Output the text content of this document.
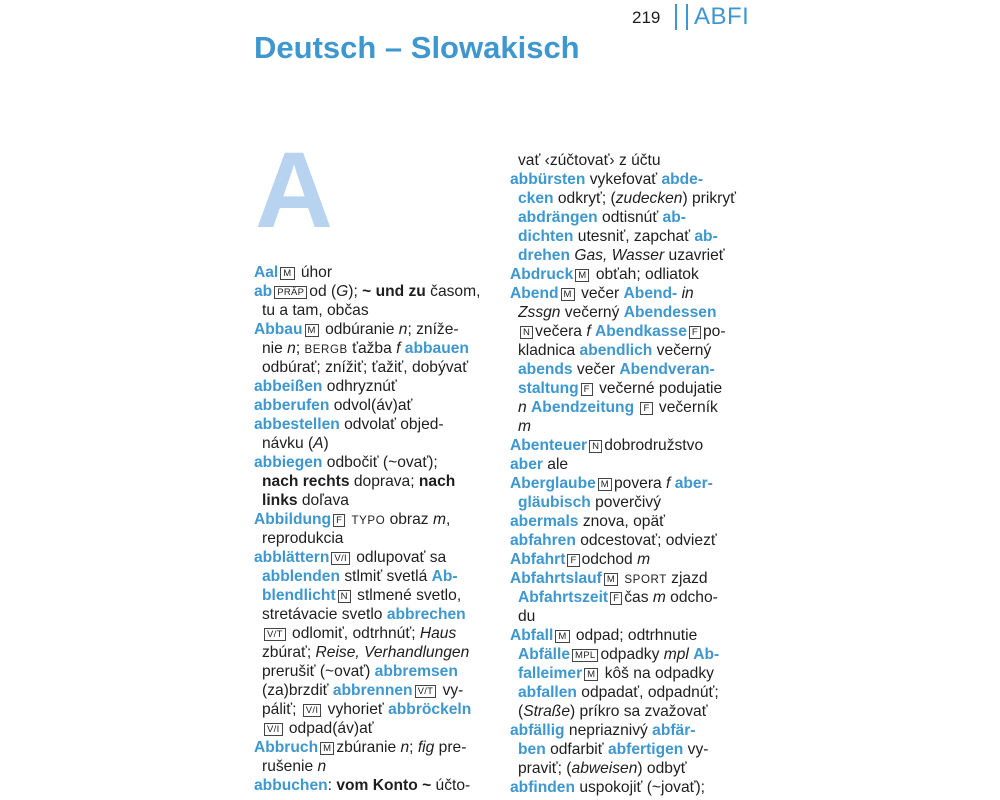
219 ABFI
Deutsch – Slowakisch
A
Aal M úhor
ab PRÄP od (G); ~ und zu časom,
tu a tam, občas
Abbau M odbúranie n; zníže-
nie n; BERGB ťažba f abbauen
odbúrať; znížiť; ťažiť, dobývať
abbeißen odhryznúť
abberufen odvol(áv)ať
abbestellen odvolať objed-
návku (A)
abbiegen odbočiť (~ovať);
nach rechts doprava; nach
links doľava
Abbildung F TYPO obraz m,
reprodukcia
abblättern V/I odlupovať sa
abblenden stlmiť svetlá Ab-
blendlicht N stlmené svetlo,
stretávacie svetlo abbrechen
V/T odlomiť, odtrhnúť; Haus
zbúrať; Reise, Verhandlungen
prerušiť (~ovať) abbremsen
(za)brzdiť abbrennen V/T vy-
páliť; V/I vyhorieť abbröckeln
V/I odpad(áv)ať
Abbruch M zbúranie n; fig pre-
rušenie n
abbuchen: vom Konto ~ účto-
vať ‹zúčtovať› z účtu
abbürsten vykefovať abde-
cken odkryť; (zudecken) prikryť
abdrängen odtisnúť ab-
dichten utesniť, zapchať ab-
drehen Gas, Wasser uzavrieť
Abdruck M obťah; odliatok
Abend M večer Abend- in
Zssgn večerný Abendessen
N večera f Abendkasse F po-
kladnica abendlich večerný
abends večer Abendveran-
staltung F večerné podujatie
n Abendzeitung F večerník
m
Abenteuer N dobrodružstvo
aber ale
Aberglaube M povera f aber-
gläubisch poverčivý
abermals znova, opäť
abfahren odcestovať; odviezť
Abfahrt F odchod m
Abfahrtslauf M SPORT zjazd
Abfahrtszeit F čas m odcho-
du
Abfall M odpad; odtrhnutie
Abfälle MPL odpadky mpl Ab-
falleimer M kôš na odpadky
abfallen odpadať, odpadnúť;
(Straße) príkro sa zvažovať
abfällig nepriaznivý abfär-
ben odfarbiť abfertigen vy-
praviť; (abweisen) odbyť
abfinden uspokojiť (~jovať);
